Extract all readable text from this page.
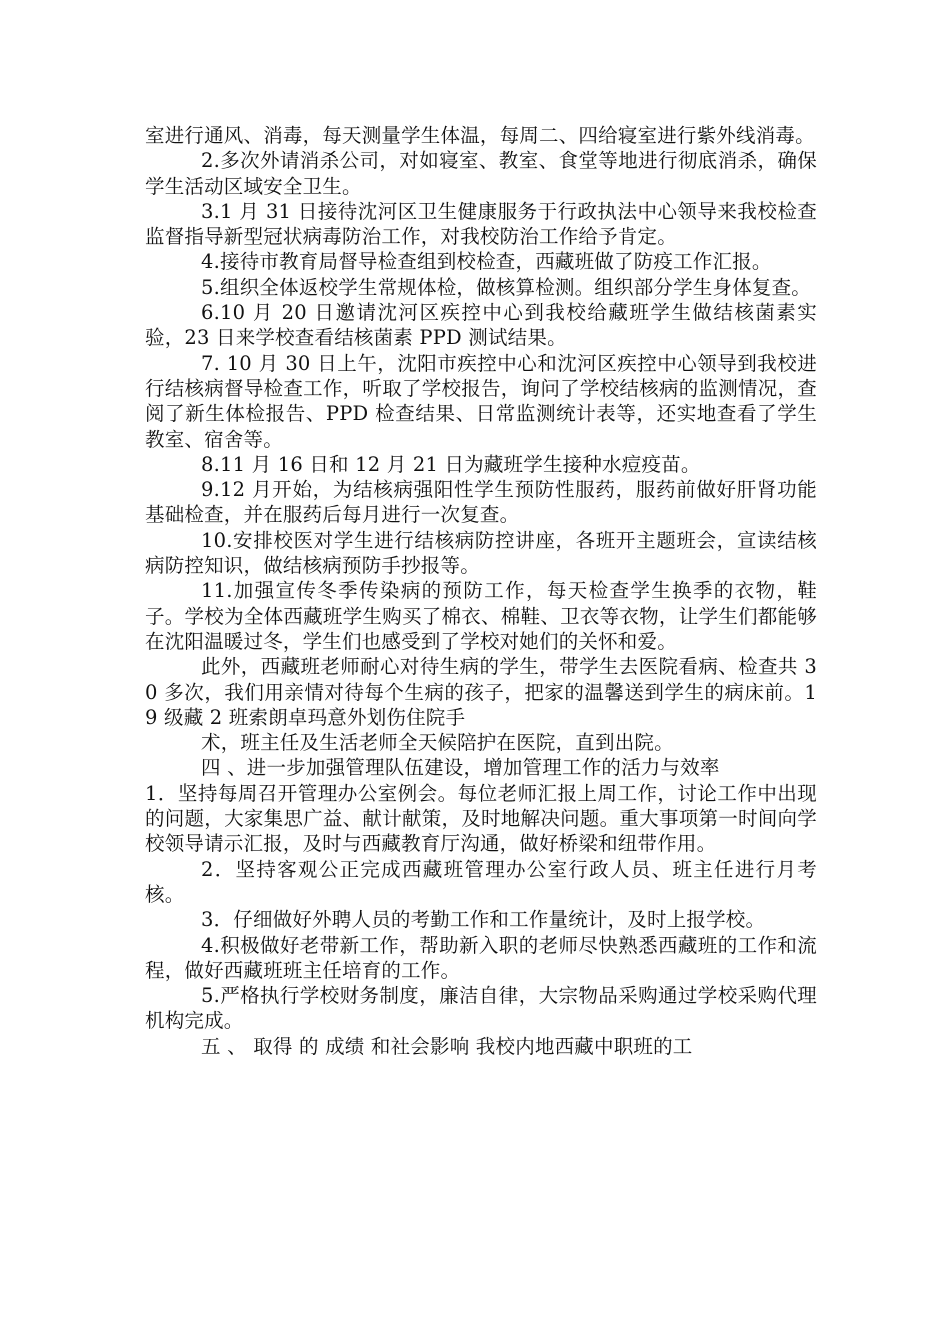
室进行通风、消毒，每天测量学生体温，每周二、四给寝室进行紫外线消毒。

2.多次外请消杀公司，对如寝室、教室、食堂等地进行彻底消杀，确保学生活动区域安全卫生。

3.1 月 31 日接待沈河区卫生健康服务于行政执法中心领导来我校检查监督指导新型冠状病毒防治工作，对我校防治工作给予肯定。

4.接待市教育局督导检查组到校检查，西藏班做了防疫工作汇报。

5.组织全体返校学生常规体检，做核算检测。组织部分学生身体复查。

6.10 月 20 日邀请沈河区疾控中心到我校给藏班学生做结核菌素实验，23 日来学校查看结核菌素 PPD 测试结果。

7. 10 月 30 日上午，沈阳市疾控中心和沈河区疾控中心领导到我校进行结核病督导检查工作，听取了学校报告，询问了学校结核病的监测情况，查阅了新生体检报告、PPD 检查结果、日常监测统计表等，还实地查看了学生教室、宿舍等。

8.11 月 16 日和 12 月 21 日为藏班学生接种水痘疫苗。

9.12 月开始，为结核病强阳性学生预防性服药，服药前做好肝肾功能基础检查，并在服药后每月进行一次复查。

10.安排校医对学生进行结核病防控讲座，各班开主题班会，宣读结核病防控知识，做结核病预防手抄报等。

11.加强宣传冬季传染病的预防工作，每天检查学生换季的衣物，鞋子。学校为全体西藏班学生购买了棉衣、棉鞋、卫衣等衣物，让学生们都能够在沈阳温暖过冬，学生们也感受到了学校对她们的关怀和爱。

此外，西藏班老师耐心对待生病的学生，带学生去医院看病、检查共 30 多次，我们用亲情对待每个生病的孩子，把家的温馨送到学生的病床前。19 级藏 2 班索朗卓玛意外划伤住院手

术，班主任及生活老师全天候陪护在医院，直到出院。

四 、进一步加强管理队伍建设，增加管理工作的活力与效率

1．坚持每周召开管理办公室例会。每位老师汇报上周工作，讨论工作中出现的问题，大家集思广益、献计献策，及时地解决问题。重大事项第一时间向学校领导请示汇报，及时与西藏教育厅沟通，做好桥梁和纽带作用。

2．坚持客观公正完成西藏班管理办公室行政人员、班主任进行月考核。

3．仔细做好外聘人员的考勤工作和工作量统计，及时上报学校。

4.积极做好老带新工作，帮助新入职的老师尽快熟悉西藏班的工作和流程，做好西藏班班主任培育的工作。

5.严格执行学校财务制度，廉洁自律，大宗物品采购通过学校采购代理机构完成。

五 、 取得 的 成绩 和社会影响 我校内地西藏中职班的工
